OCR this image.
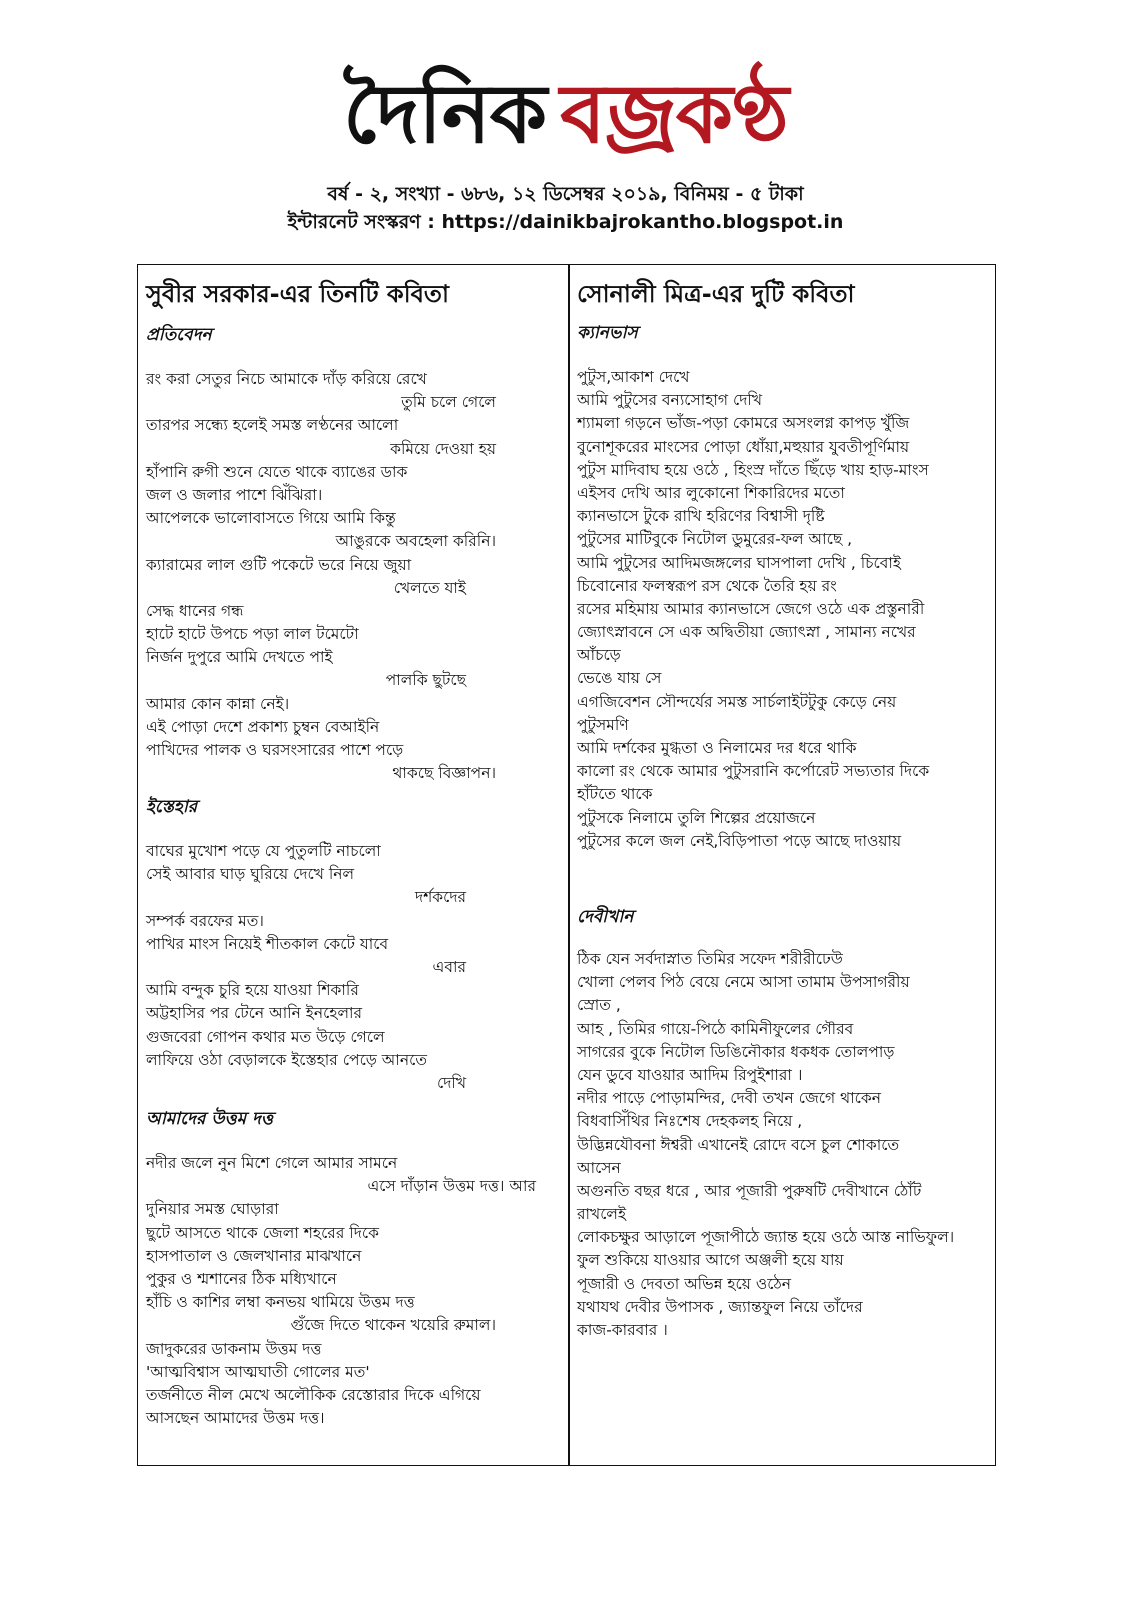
দৈনিক বজ্রকণ্ঠ
বর্ষ - ২, সংখ্যা - ৬৮৬, ১২ ডিসেম্বর ২০১৯, বিনিময় - ৫ টাকা
ইন্টারনেট সংস্করণ : https://dainikbajrokantho.blogspot.in
সুবীর সরকার-এর তিনটি কবিতা
প্রতিবেদন
রং করা সেতুর নিচে আমাকে দাঁড় করিয়ে রেখে
তুমি চলে গেলে
তারপর সন্ধ্যে হলেই সমস্ত লণ্ঠনের আলো
কমিয়ে দেওয়া হয়
হাঁপানি রুগী শুনে যেতে থাকে ব্যাঙের ডাক
জল ও জলার পাশে ঝিঁঝিরা।
আপেলকে ভালোবাসতে গিয়ে আমি কিন্তু
আঙুরকে অবহেলা করিনি।
ক্যারামের লাল গুটি পকেটে ভরে নিয়ে জুয়া
খেলতে যাই
সেদ্ধ ধানের গন্ধ
হাটে হাটে উপচে পড়া লাল টমেটো
নির্জন দুপুরে আমি দেখতে পাই
পালকি ছুটছে
আমার কোন কান্না নেই।
এই পোড়া দেশে প্রকাশ্য চুম্বন বেআইনি
পাখিদের পালক ও ঘরসংসারের পাশে পড়ে
থাকছে বিজ্ঞাপন।
ইস্তেহার
বাঘের মুখোশ পড়ে যে পুতুলটি নাচলো
সেই আবার ঘাড় ঘুরিয়ে দেখে নিল
দর্শকদের
সম্পর্ক বরফের মত।
পাখির মাংস নিয়েই শীতকাল কেটে যাবে
এবার
আমি বন্দুক চুরি হয়ে যাওয়া শিকারি
অট্টহাসির পর টেনে আনি ইনহেলার
গুজবেরা গোপন কথার মত উড়ে গেলে
লাফিয়ে ওঠা বেড়ালকে ইস্তেহার পেড়ে আনতে
দেখি
আমাদের উত্তম দত্ত
নদীর জলে নুন মিশে গেলে আমার সামনে
এসে দাঁড়ান উত্তম দত্ত। আর
দুনিয়ার সমস্ত ঘোড়ারা
ছুটে আসতে থাকে জেলা শহরের দিকে
হাসপাতাল ও জেলখানার মাঝখানে
পুকুর ও শ্মশানের ঠিক মধ্যিখানে
হাঁচি ও কাশির লম্বা কনভয় থামিয়ে উত্তম দত্ত
গুঁজে দিতে থাকেন খয়েরি রুমাল।
জাদুকরের ডাকনাম উত্তম দত্ত
'আত্মবিশ্বাস আত্মঘাতী গোলের মত'
তর্জনীতে নীল মেখে অলৌকিক রেস্তোরার দিকে এগিয়ে
আসছেন আমাদের উত্তম দত্ত।
সোনালী মিত্র-এর দুটি কবিতা
ক্যানভাস
পুটুস,আকাশ দেখে
আমি পুটুসের বন্যসোহাগ দেখি
শ্যামলা গড়নে ভাঁজ-পড়া কোমরে অসংলগ্ন কাপড় খুঁজি
বুনোশূকরের মাংসের পোড়া ধোঁয়া,মহুয়ার যুবতীপূর্ণিমায়
পুটুস মাদিবাঘ হয়ে ওঠে , হিংস্র দাঁতে ছিঁড়ে খায় হাড়-মাংস
এইসব দেখি আর লুকোনো শিকারিদের মতো
ক্যানভাসে টুকে রাখি হরিণের বিশ্বাসী দৃষ্টি
পুটুসের মাটিবুকে নিটোল ডুমুরের-ফল আছে ,
আমি পুটুসের আদিমজঙ্গলের ঘাসপালা দেখি , চিবোই
চিবোনোর ফলস্বরূপ রস থেকে তৈরি হয় রং
রসের মহিমায় আমার ক্যানভাসে জেগে ওঠে এক প্রস্তুনারী
জ্যোৎস্নাবনে সে এক অদ্বিতীয়া জ্যোৎস্না , সামান্য নখের
আঁচড়ে
ভেঙে যায় সে
এগজিবেশন সৌন্দর্যের সমস্ত সার্চলাইটটুকু কেড়ে নেয়
পুটুসমণি
আমি দর্শকের মুগ্ধতা ও নিলামের দর ধরে থাকি
কালো রং থেকে আমার পুটুসরানি কর্পোরেট সভ্যতার দিকে
হাঁটতে থাকে
পুটুসকে নিলামে তুলি শিল্পের প্রয়োজনে
পুটুসের কলে জল নেই,বিড়িপাতা পড়ে আছে দাওয়ায়
দেবীখান
ঠিক যেন সর্বদাস্নাত তিমির সফেদ শরীরীঢেউ
খোলা পেলব পিঠ বেয়ে নেমে আসা তামাম উপসাগরীয়
স্রোত ,
আহ , তিমির গায়ে-পিঠে কামিনীফুলের গৌরব
সাগরের বুকে নিটোল ডিঙিনৌকার ধকধক তোলপাড়
যেন ডুবে যাওয়ার আদিম রিপুইশারা ।
নদীর পাড়ে পোড়ামন্দির, দেবী তখন জেগে থাকেন
বিধবাসিঁথির নিঃশেষ দেহকলহ নিয়ে ,
উদ্ভিন্নযৌবনা ঈশ্বরী এখানেই রোদে বসে চুল শোকাতে
আসেন
অগুনতি বছর ধরে , আর পূজারী পুরুষটি দেবীখানে ঠোঁট
রাখলেই
লোকচক্ষুর আড়ালে পূজাপীঠে জ্যান্ত হয়ে ওঠে আস্ত নাভিফুল।
ফুল শুকিয়ে যাওয়ার আগে অঞ্জলী হয়ে যায়
পূজারী ও দেবতা অভিন্ন হয়ে ওঠেন
যথাযথ দেবীর উপাসক , জ্যান্তফুল নিয়ে তাঁদের
কাজ-কারবার ।
